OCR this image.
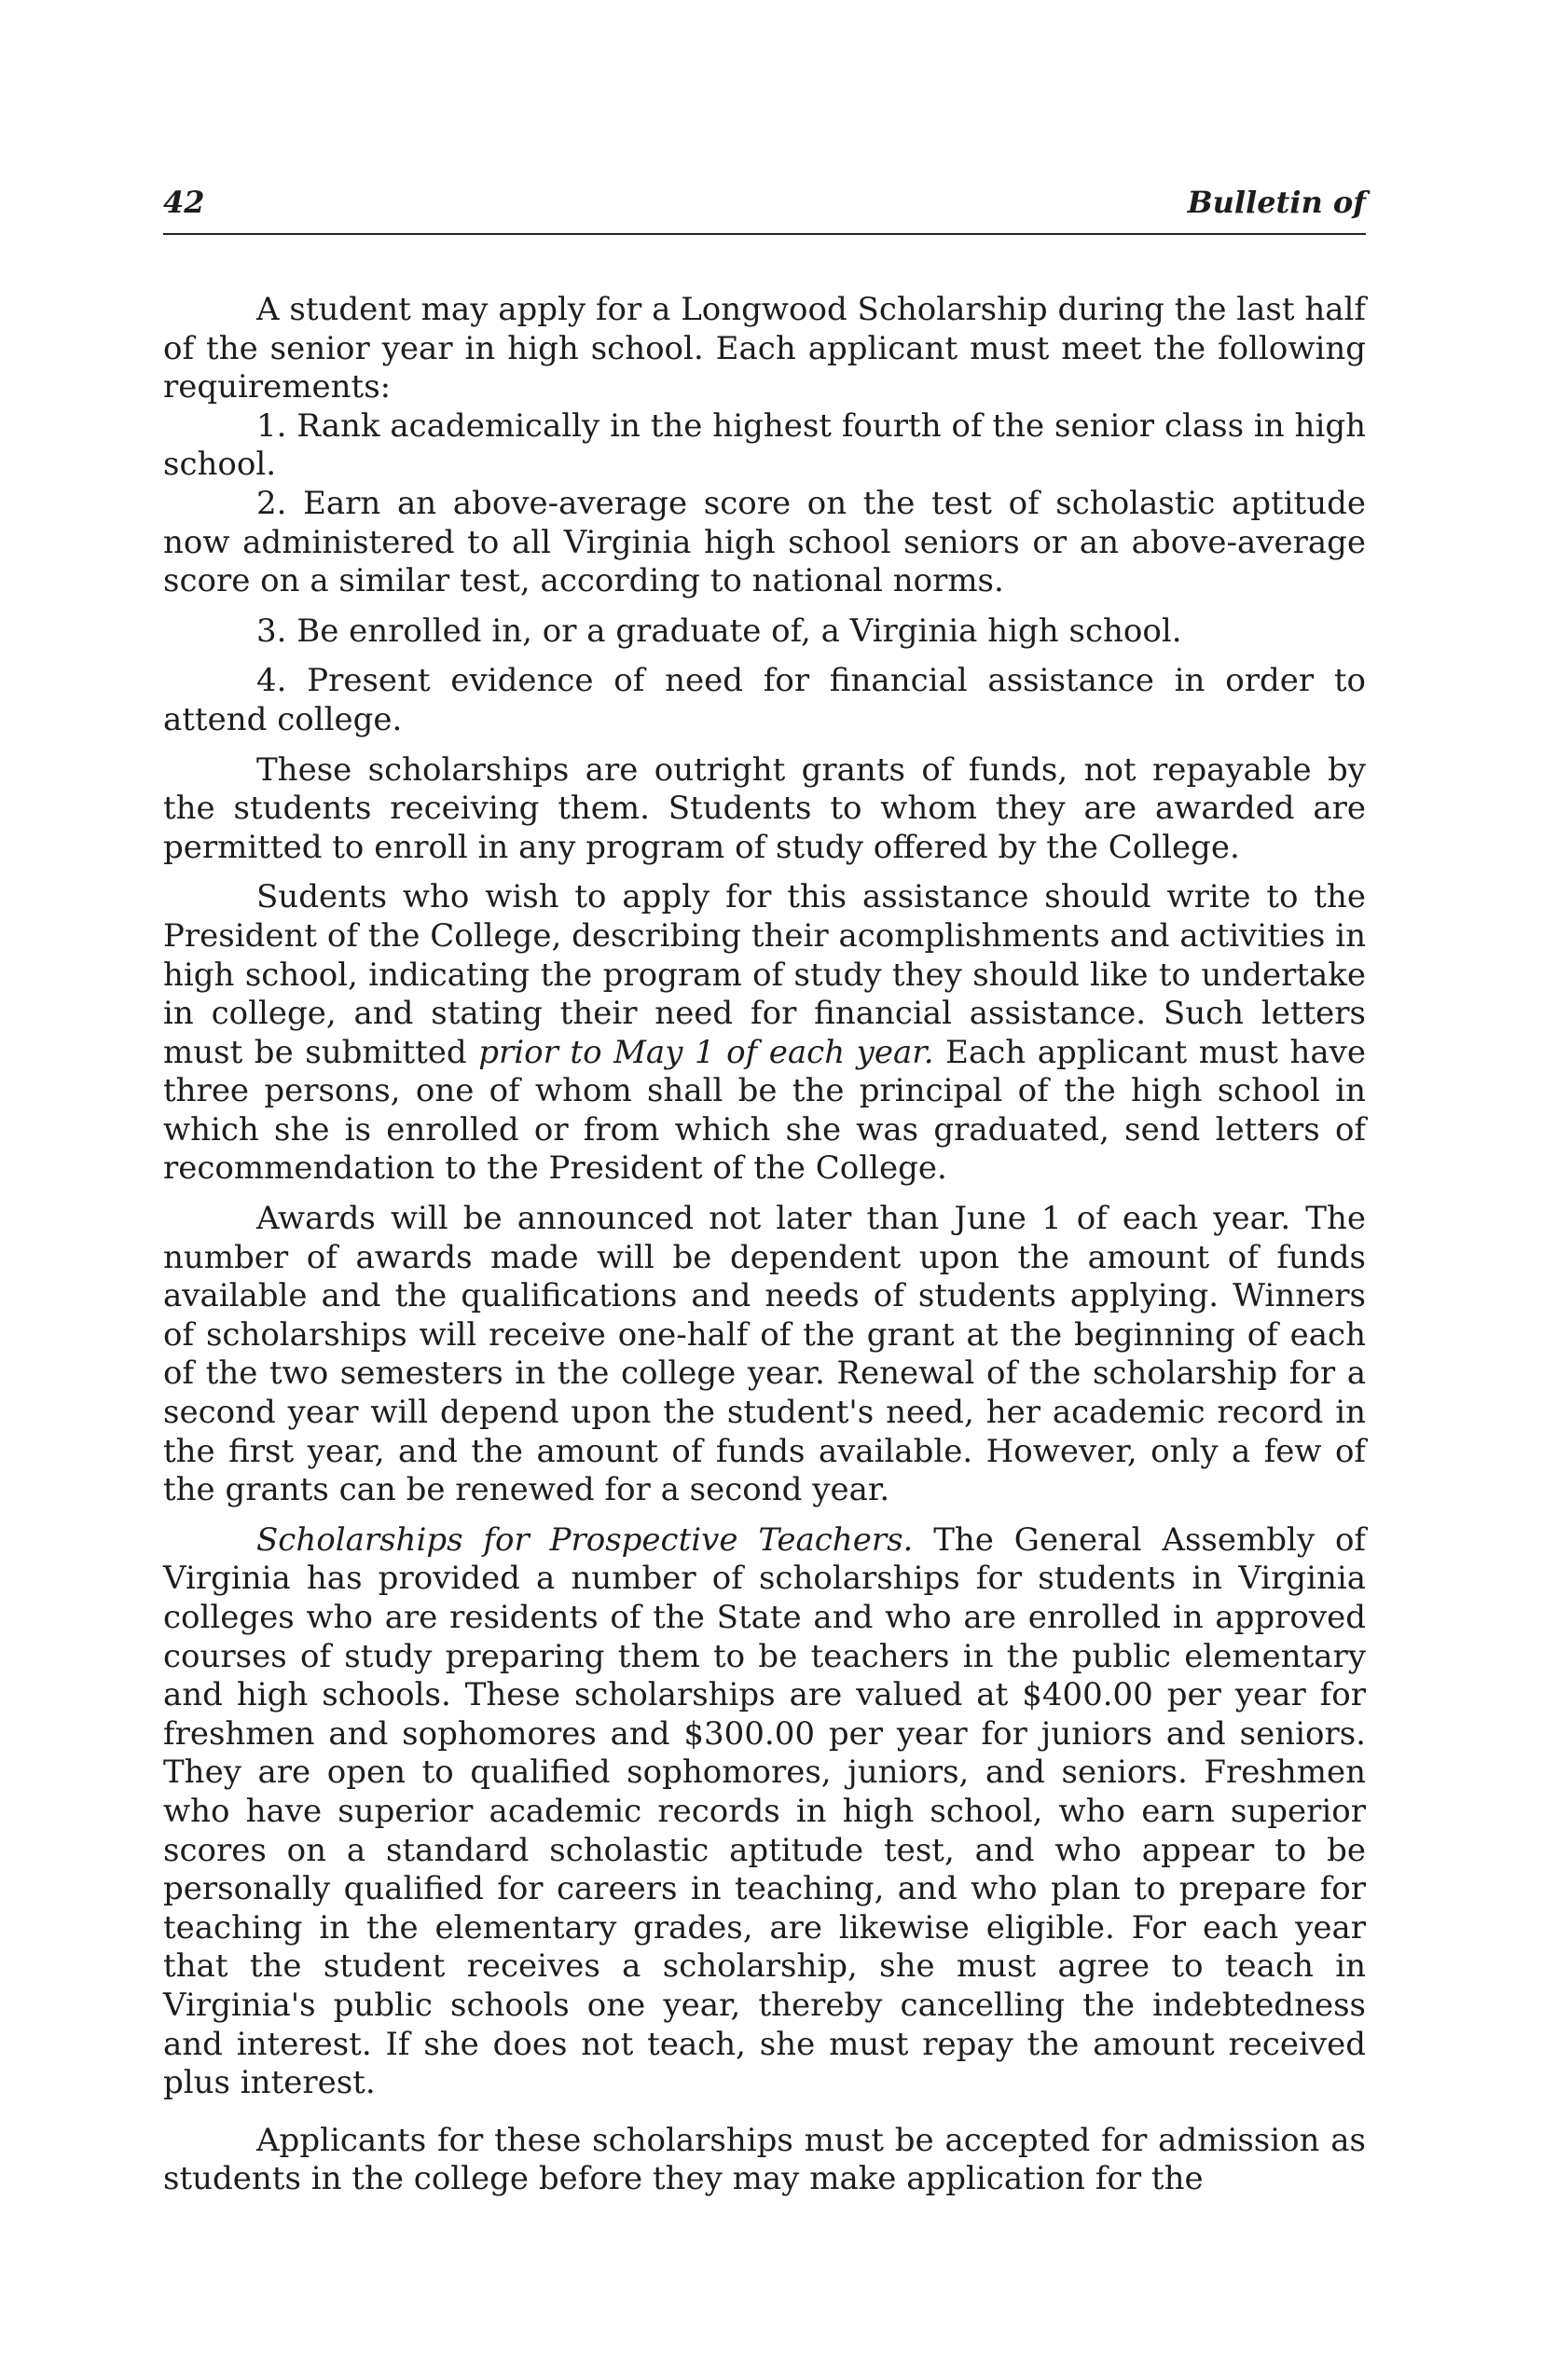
42	Bulletin of

A student may apply for a Longwood Scholarship during the last half of the senior year in high school. Each applicant must meet the following requirements:

1. Rank academically in the highest fourth of the senior class in high school.

2. Earn an above-average score on the test of scholastic aptitude now administered to all Virginia high school seniors or an above-average score on a similar test, according to national norms.

3. Be enrolled in, or a graduate of, a Virginia high school.

4. Present evidence of need for financial assistance in order to attend college.

These scholarships are outright grants of funds, not repayable by the students receiving them. Students to whom they are awarded are permitted to enroll in any program of study offered by the College.

Sudents who wish to apply for this assistance should write to the President of the College, describing their acomplishments and activities in high school, indicating the program of study they should like to undertake in college, and stating their need for financial assistance. Such letters must be submitted prior to May 1 of each year. Each applicant must have three persons, one of whom shall be the principal of the high school in which she is enrolled or from which she was graduated, send letters of recommendation to the President of the College.

Awards will be announced not later than June 1 of each year. The number of awards made will be dependent upon the amount of funds available and the qualifications and needs of students applying. Winners of scholarships will receive one-half of the grant at the beginning of each of the two semesters in the college year. Renewal of the scholarship for a second year will depend upon the student's need, her academic record in the first year, and the amount of funds available. However, only a few of the grants can be renewed for a second year.

Scholarships for Prospective Teachers. The General Assembly of Virginia has provided a number of scholarships for students in Virginia colleges who are residents of the State and who are enrolled in approved courses of study preparing them to be teachers in the public elementary and high schools. These scholarships are valued at $400.00 per year for freshmen and sophomores and $300.00 per year for juniors and seniors. They are open to qualified sophomores, juniors, and seniors. Freshmen who have superior academic records in high school, who earn superior scores on a standard scholastic aptitude test, and who appear to be personally qualified for careers in teaching, and who plan to prepare for teaching in the elementary grades, are likewise eligible. For each year that the student receives a scholarship, she must agree to teach in Virginia's public schools one year, thereby cancelling the indebtedness and interest. If she does not teach, she must repay the amount received plus interest.

Applicants for these scholarships must be accepted for admission as students in the college before they may make application for the
